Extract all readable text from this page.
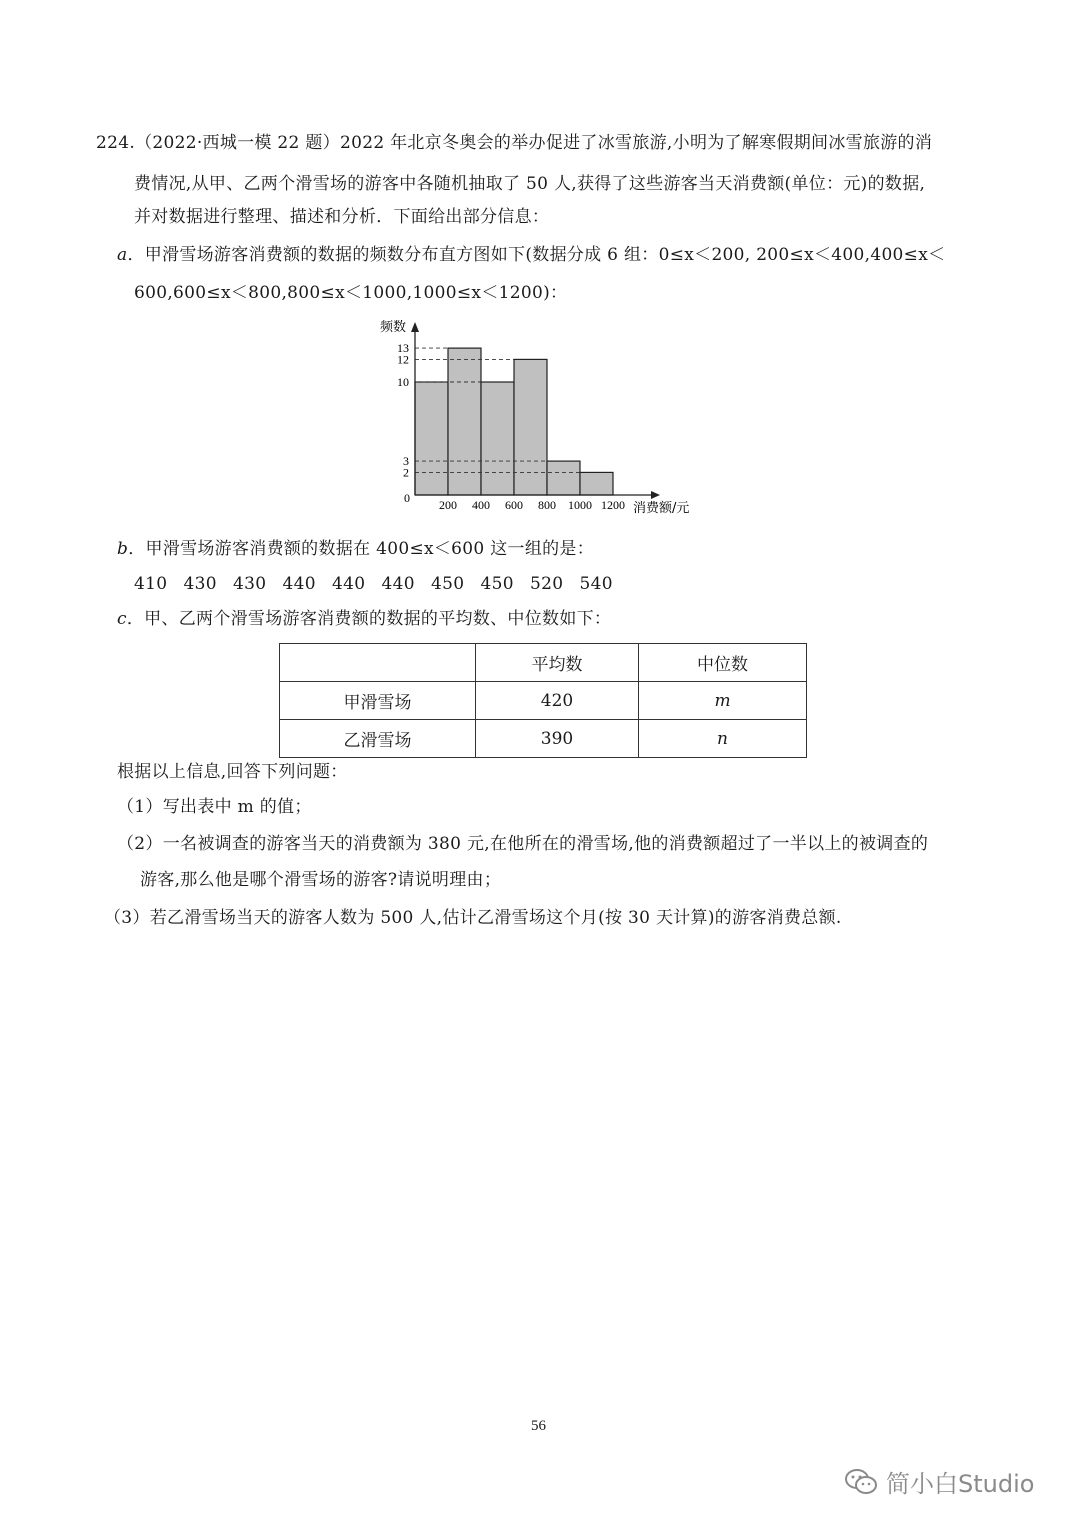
224.（2022·西城一模 22 题）2022 年北京冬奥会的举办促进了冰雪旅游,小明为了解寒假期间冰雪旅游的消
费情况,从甲、乙两个滑雪场的游客中各随机抽取了 50 人,获得了这些游客当天消费额(单位：元)的数据,
并对数据进行整理、描述和分析．下面给出部分信息：
a．甲滑雪场游客消费额的数据的频数分布直方图如下(数据分成 6 组：0≤x＜200, 200≤x＜400,400≤x＜
600,600≤x＜800,800≤x＜1000,1000≤x＜1200)：
频数
消费额/元
0
2
3
10
12
13
200 400 600 800 1000 1200
b．甲滑雪场游客消费额的数据在 400≤x＜600 这一组的是：
410 430 430 440 440 440 450 450 520 540
c．甲、乙两个滑雪场游客消费额的数据的平均数、中位数如下：
	平均数	中位数
甲滑雪场	420	m
乙滑雪场	390	n
根据以上信息,回答下列问题：
（1）写出表中 m 的值；
（2）一名被调查的游客当天的消费额为 380 元,在他所在的滑雪场,他的消费额超过了一半以上的被调查的
游客,那么他是哪个滑雪场的游客?请说明理由；
（3）若乙滑雪场当天的游客人数为 500 人,估计乙滑雪场这个月(按 30 天计算)的游客消费总额.
56
简小白Studio
